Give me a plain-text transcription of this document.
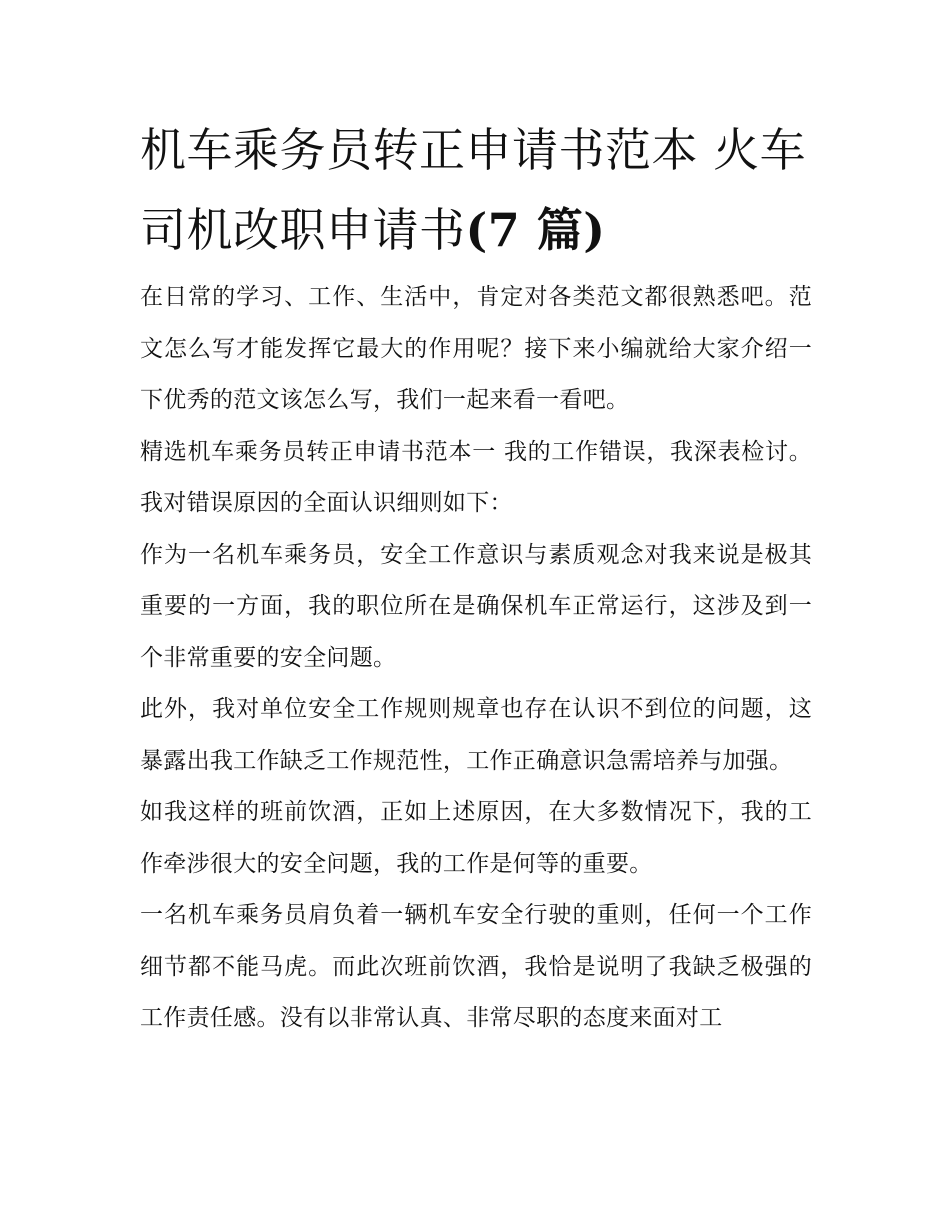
机车乘务员转正申请书范本 火车司机改职申请书(7 篇)

在日常的学习、工作、生活中，肯定对各类范文都很熟悉吧。范文怎么写才能发挥它最大的作用呢？接下来小编就给大家介绍一下优秀的范文该怎么写，我们一起来看一看吧。

精选机车乘务员转正申请书范本一 我的工作错误，我深表检讨。我对错误原因的全面认识细则如下：

作为一名机车乘务员，安全工作意识与素质观念对我来说是极其重要的一方面，我的职位所在是确保机车正常运行，这涉及到一个非常重要的安全问题。

此外，我对单位安全工作规则规章也存在认识不到位的问题，这暴露出我工作缺乏工作规范性，工作正确意识急需培养与加强。

如我这样的班前饮酒，正如上述原因，在大多数情况下，我的工作牵涉很大的安全问题，我的工作是何等的重要。

一名机车乘务员肩负着一辆机车安全行驶的重则，任何一个工作细节都不能马虎。而此次班前饮酒，我恰是说明了我缺乏极强的工作责任感。没有以非常认真、非常尽职的态度来面对工
